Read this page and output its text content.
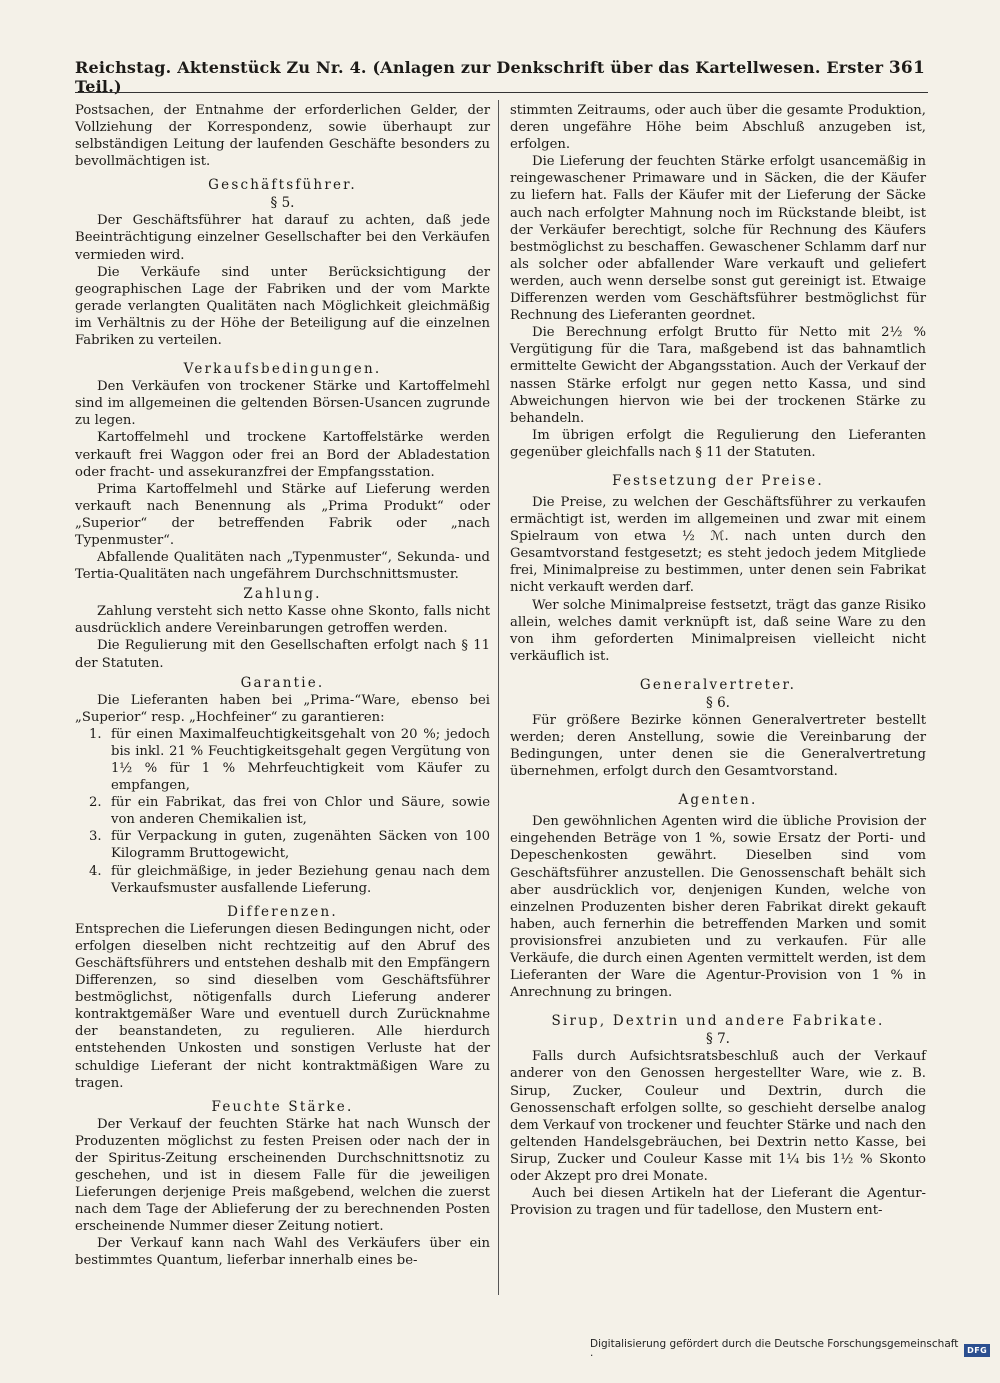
Reichstag. Aktenstück Zu Nr. 4. (Anlagen zur Denkschrift über das Kartellwesen. Erster Teil.)
361

Postsachen, der Entnahme der erforderlichen Gelder, der Vollziehung der Korrespondenz, sowie überhaupt zur selbständigen Leitung der laufenden Geschäfte besonders zu bevollmächtigen ist.

Geschäftsführer.
§ 5.

Der Geschäftsführer hat darauf zu achten, daß jede Beeinträchtigung einzelner Gesellschafter bei den Verkäufen vermieden wird.

Die Verkäufe sind unter Berücksichtigung der geographischen Lage der Fabriken und der vom Markte gerade verlangten Qualitäten nach Möglichkeit gleichmäßig im Verhältnis zu der Höhe der Beteiligung auf die einzelnen Fabriken zu verteilen.

Verkaufsbedingungen.

Den Verkäufen von trockener Stärke und Kartoffelmehl sind im allgemeinen die geltenden Börsen-Usancen zugrunde zu legen.

Kartoffelmehl und trockene Kartoffelstärke werden verkauft frei Waggon oder frei an Bord der Abladestation oder fracht- und assekuranzfrei der Empfangsstation.

Prima Kartoffelmehl und Stärke auf Lieferung werden verkauft nach Benennung als „Prima Produkt“ oder „Superior“ der betreffenden Fabrik oder „nach Typenmuster“.

Abfallende Qualitäten nach „Typenmuster“, Sekunda- und Tertia-Qualitäten nach ungefährem Durchschnittsmuster.

Zahlung.

Zahlung versteht sich netto Kasse ohne Skonto, falls nicht ausdrücklich andere Vereinbarungen getroffen werden.

Die Regulierung mit den Gesellschaften erfolgt nach § 11 der Statuten.

Garantie.

Die Lieferanten haben bei „Prima-“Ware, ebenso bei „Superior“ resp. „Hochfeiner“ zu garantieren:

1. für einen Maximalfeuchtigkeitsgehalt von 20 %; jedoch bis inkl. 21 % Feuchtigkeitsgehalt gegen Vergütung von 1½ % für 1 % Mehrfeuchtigkeit vom Käufer zu empfangen,
2. für ein Fabrikat, das frei von Chlor und Säure, sowie von anderen Chemikalien ist,
3. für Verpackung in guten, zugenähten Säcken von 100 Kilogramm Bruttogewicht,
4. für gleichmäßige, in jeder Beziehung genau nach dem Verkaufsmuster ausfallende Lieferung.
Differenzen.

Entsprechen die Lieferungen diesen Bedingungen nicht, oder erfolgen dieselben nicht rechtzeitig auf den Abruf des Geschäftsführers und entstehen deshalb mit den Empfängern Differenzen, so sind dieselben vom Geschäftsführer bestmöglichst, nötigenfalls durch Lieferung anderer kontraktgemäßer Ware und eventuell durch Zurücknahme der beanstandeten, zu regulieren. Alle hierdurch entstehenden Unkosten und sonstigen Verluste hat der schuldige Lieferant der nicht kontraktmäßigen Ware zu tragen.

Feuchte Stärke.

Der Verkauf der feuchten Stärke hat nach Wunsch der Produzenten möglichst zu festen Preisen oder nach der in der Spiritus-Zeitung erscheinenden Durchschnittsnotiz zu geschehen, und ist in diesem Falle für die jeweiligen Lieferungen derjenige Preis maßgebend, welchen die zuerst nach dem Tage der Ablieferung der zu berechnenden Posten erscheinende Nummer dieser Zeitung notiert.

Der Verkauf kann nach Wahl des Verkäufers über ein bestimmtes Quantum, lieferbar innerhalb eines be-

stimmten Zeitraums, oder auch über die gesamte Produktion, deren ungefähre Höhe beim Abschluß anzugeben ist, erfolgen.

Die Lieferung der feuchten Stärke erfolgt usancemäßig in reingewaschener Primaware und in Säcken, die der Käufer zu liefern hat. Falls der Käufer mit der Lieferung der Säcke auch nach erfolgter Mahnung noch im Rückstande bleibt, ist der Verkäufer berechtigt, solche für Rechnung des Käufers bestmöglichst zu beschaffen. Gewaschener Schlamm darf nur als solcher oder abfallender Ware verkauft und geliefert werden, auch wenn derselbe sonst gut gereinigt ist. Etwaige Differenzen werden vom Geschäftsführer bestmöglichst für Rechnung des Lieferanten geordnet.

Die Berechnung erfolgt Brutto für Netto mit 2½ % Vergütigung für die Tara, maßgebend ist das bahnamtlich ermittelte Gewicht der Abgangsstation. Auch der Verkauf der nassen Stärke erfolgt nur gegen netto Kassa, und sind Abweichungen hiervon wie bei der trockenen Stärke zu behandeln.

Im übrigen erfolgt die Regulierung den Lieferanten gegenüber gleichfalls nach § 11 der Statuten.

Festsetzung der Preise.

Die Preise, zu welchen der Geschäftsführer zu verkaufen ermächtigt ist, werden im allgemeinen und zwar mit einem Spielraum von etwa ½ ℳ. nach unten durch den Gesamtvorstand festgesetzt; es steht jedoch jedem Mitgliede frei, Minimalpreise zu bestimmen, unter denen sein Fabrikat nicht verkauft werden darf.

Wer solche Minimalpreise festsetzt, trägt das ganze Risiko allein, welches damit verknüpft ist, daß seine Ware zu den von ihm geforderten Minimalpreisen vielleicht nicht verkäuflich ist.

Generalvertreter.
§ 6.

Für größere Bezirke können Generalvertreter bestellt werden; deren Anstellung, sowie die Vereinbarung der Bedingungen, unter denen sie die Generalvertretung übernehmen, erfolgt durch den Gesamtvorstand.

Agenten.

Den gewöhnlichen Agenten wird die übliche Provision der eingehenden Beträge von 1 %, sowie Ersatz der Porti- und Depeschenkosten gewährt. Dieselben sind vom Geschäftsführer anzustellen. Die Genossenschaft behält sich aber ausdrücklich vor, denjenigen Kunden, welche von einzelnen Produzenten bisher deren Fabrikat direkt gekauft haben, auch fernerhin die betreffenden Marken und somit provisionsfrei anzubieten und zu verkaufen. Für alle Verkäufe, die durch einen Agenten vermittelt werden, ist dem Lieferanten der Ware die Agentur-Provision von 1 % in Anrechnung zu bringen.

Sirup, Dextrin und andere Fabrikate.
§ 7.

Falls durch Aufsichtsratsbeschluß auch der Verkauf anderer von den Genossen hergestellter Ware, wie z. B. Sirup, Zucker, Couleur und Dextrin, durch die Genossenschaft erfolgen sollte, so geschieht derselbe analog dem Verkauf von trockener und feuchter Stärke und nach den geltenden Handelsgebräuchen, bei Dextrin netto Kasse, bei Sirup, Zucker und Couleur Kasse mit 1¼ bis 1½ % Skonto oder Akzept pro drei Monate.

Auch bei diesen Artikeln hat der Lieferant die Agentur-Provision zu tragen und für tadellose, den Mustern ent-

Digitalisierung gefördert durch die Deutsche Forschungsgemeinschaft ·	DFG
